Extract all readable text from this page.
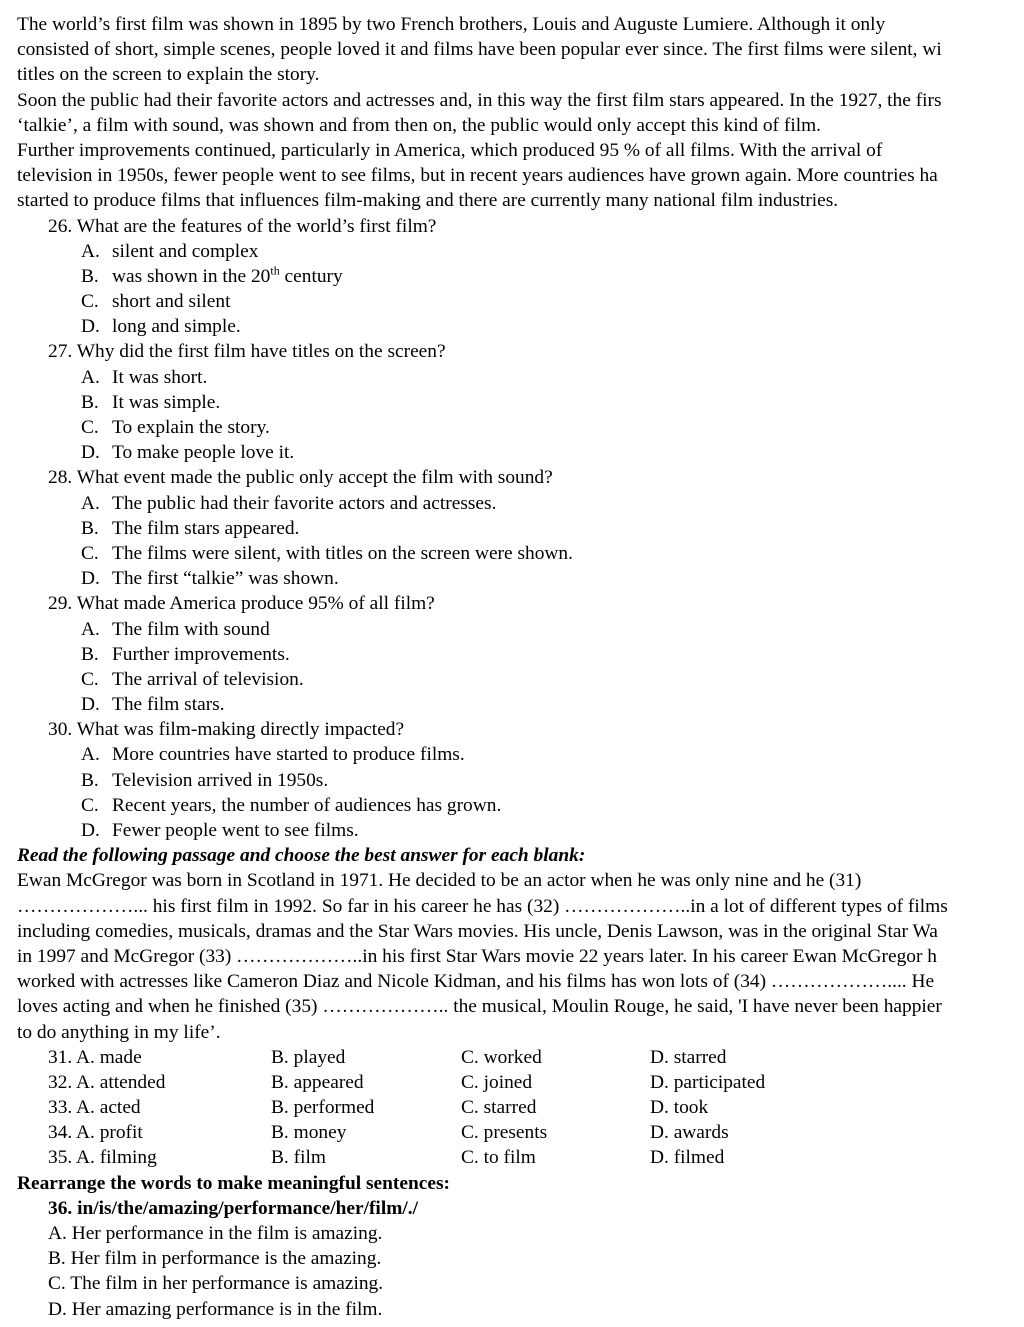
The world’s first film was shown in 1895 by two French brothers, Louis and Auguste Lumiere. Although it only
consisted of short, simple scenes, people loved it and films have been popular ever since. The first films were silent, wi
titles on the screen to explain the story.
Soon the public had their favorite actors and actresses and, in this way the first film stars appeared. In the 1927, the firs
‘talkie’, a film with sound, was shown and from then on, the public would only accept this kind of film.
Further improvements continued, particularly in America, which produced 95 % of all films. With the arrival of
television in 1950s, fewer people went to see films, but in recent years audiences have grown again. More countries ha
started to produce films that influences film-making and there are currently many national film industries.
26. What are the features of the world’s first film?
A. silent and complex
B. was shown in the 20th century
C. short and silent
D. long and simple.
27. Why did the first film have titles on the screen?
A. It was short.
B. It was simple.
C. To explain the story.
D. To make people love it.
28. What event made the public only accept the film with sound?
A. The public had their favorite actors and actresses.
B. The film stars appeared.
C. The films were silent, with titles on the screen were shown.
D. The first “talkie” was shown.
29. What made America produce 95% of all film?
A. The film with sound
B. Further improvements.
C. The arrival of television.
D. The film stars.
30. What was film-making directly impacted?
A. More countries have started to produce films.
B. Television arrived in 1950s.
C. Recent years, the number of audiences has grown.
D. Fewer people went to see films.
Read the following passage and choose the best answer for each blank:
Ewan McGregor was born in Scotland in 1971. He decided to be an actor when he was only nine and he (31)
………………... his first film in 1992. So far in his career he has (32) ………………..in a lot of different types of films
including comedies, musicals, dramas and the Star Wars movies. His uncle, Denis Lawson, was in the original Star Wa
in 1997 and McGregor (33) ………………..in his first Star Wars movie 22 years later. In his career Ewan McGregor h
worked with actresses like Cameron Diaz and Nicole Kidman, and his films has won lots of (34) ……………….... He
loves acting and when he finished (35) ……………….. the musical, Moulin Rouge, he said, 'I have never been happier
to do anything in my life’.
31. A. made	B. played	C. worked	D. starred
32. A. attended	B. appeared	C. joined	D. participated
33. A. acted	B. performed	C. starred	D. took
34. A. profit	B. money	C. presents	D. awards
35. A. filming	B. film	C. to film	D. filmed
Rearrange the words to make meaningful sentences:
36. in/is/the/amazing/performance/her/film/./
A. Her performance in the film is amazing.
B. Her film in performance is the amazing.
C. The film in her performance is amazing.
D. Her amazing performance is in the film.
